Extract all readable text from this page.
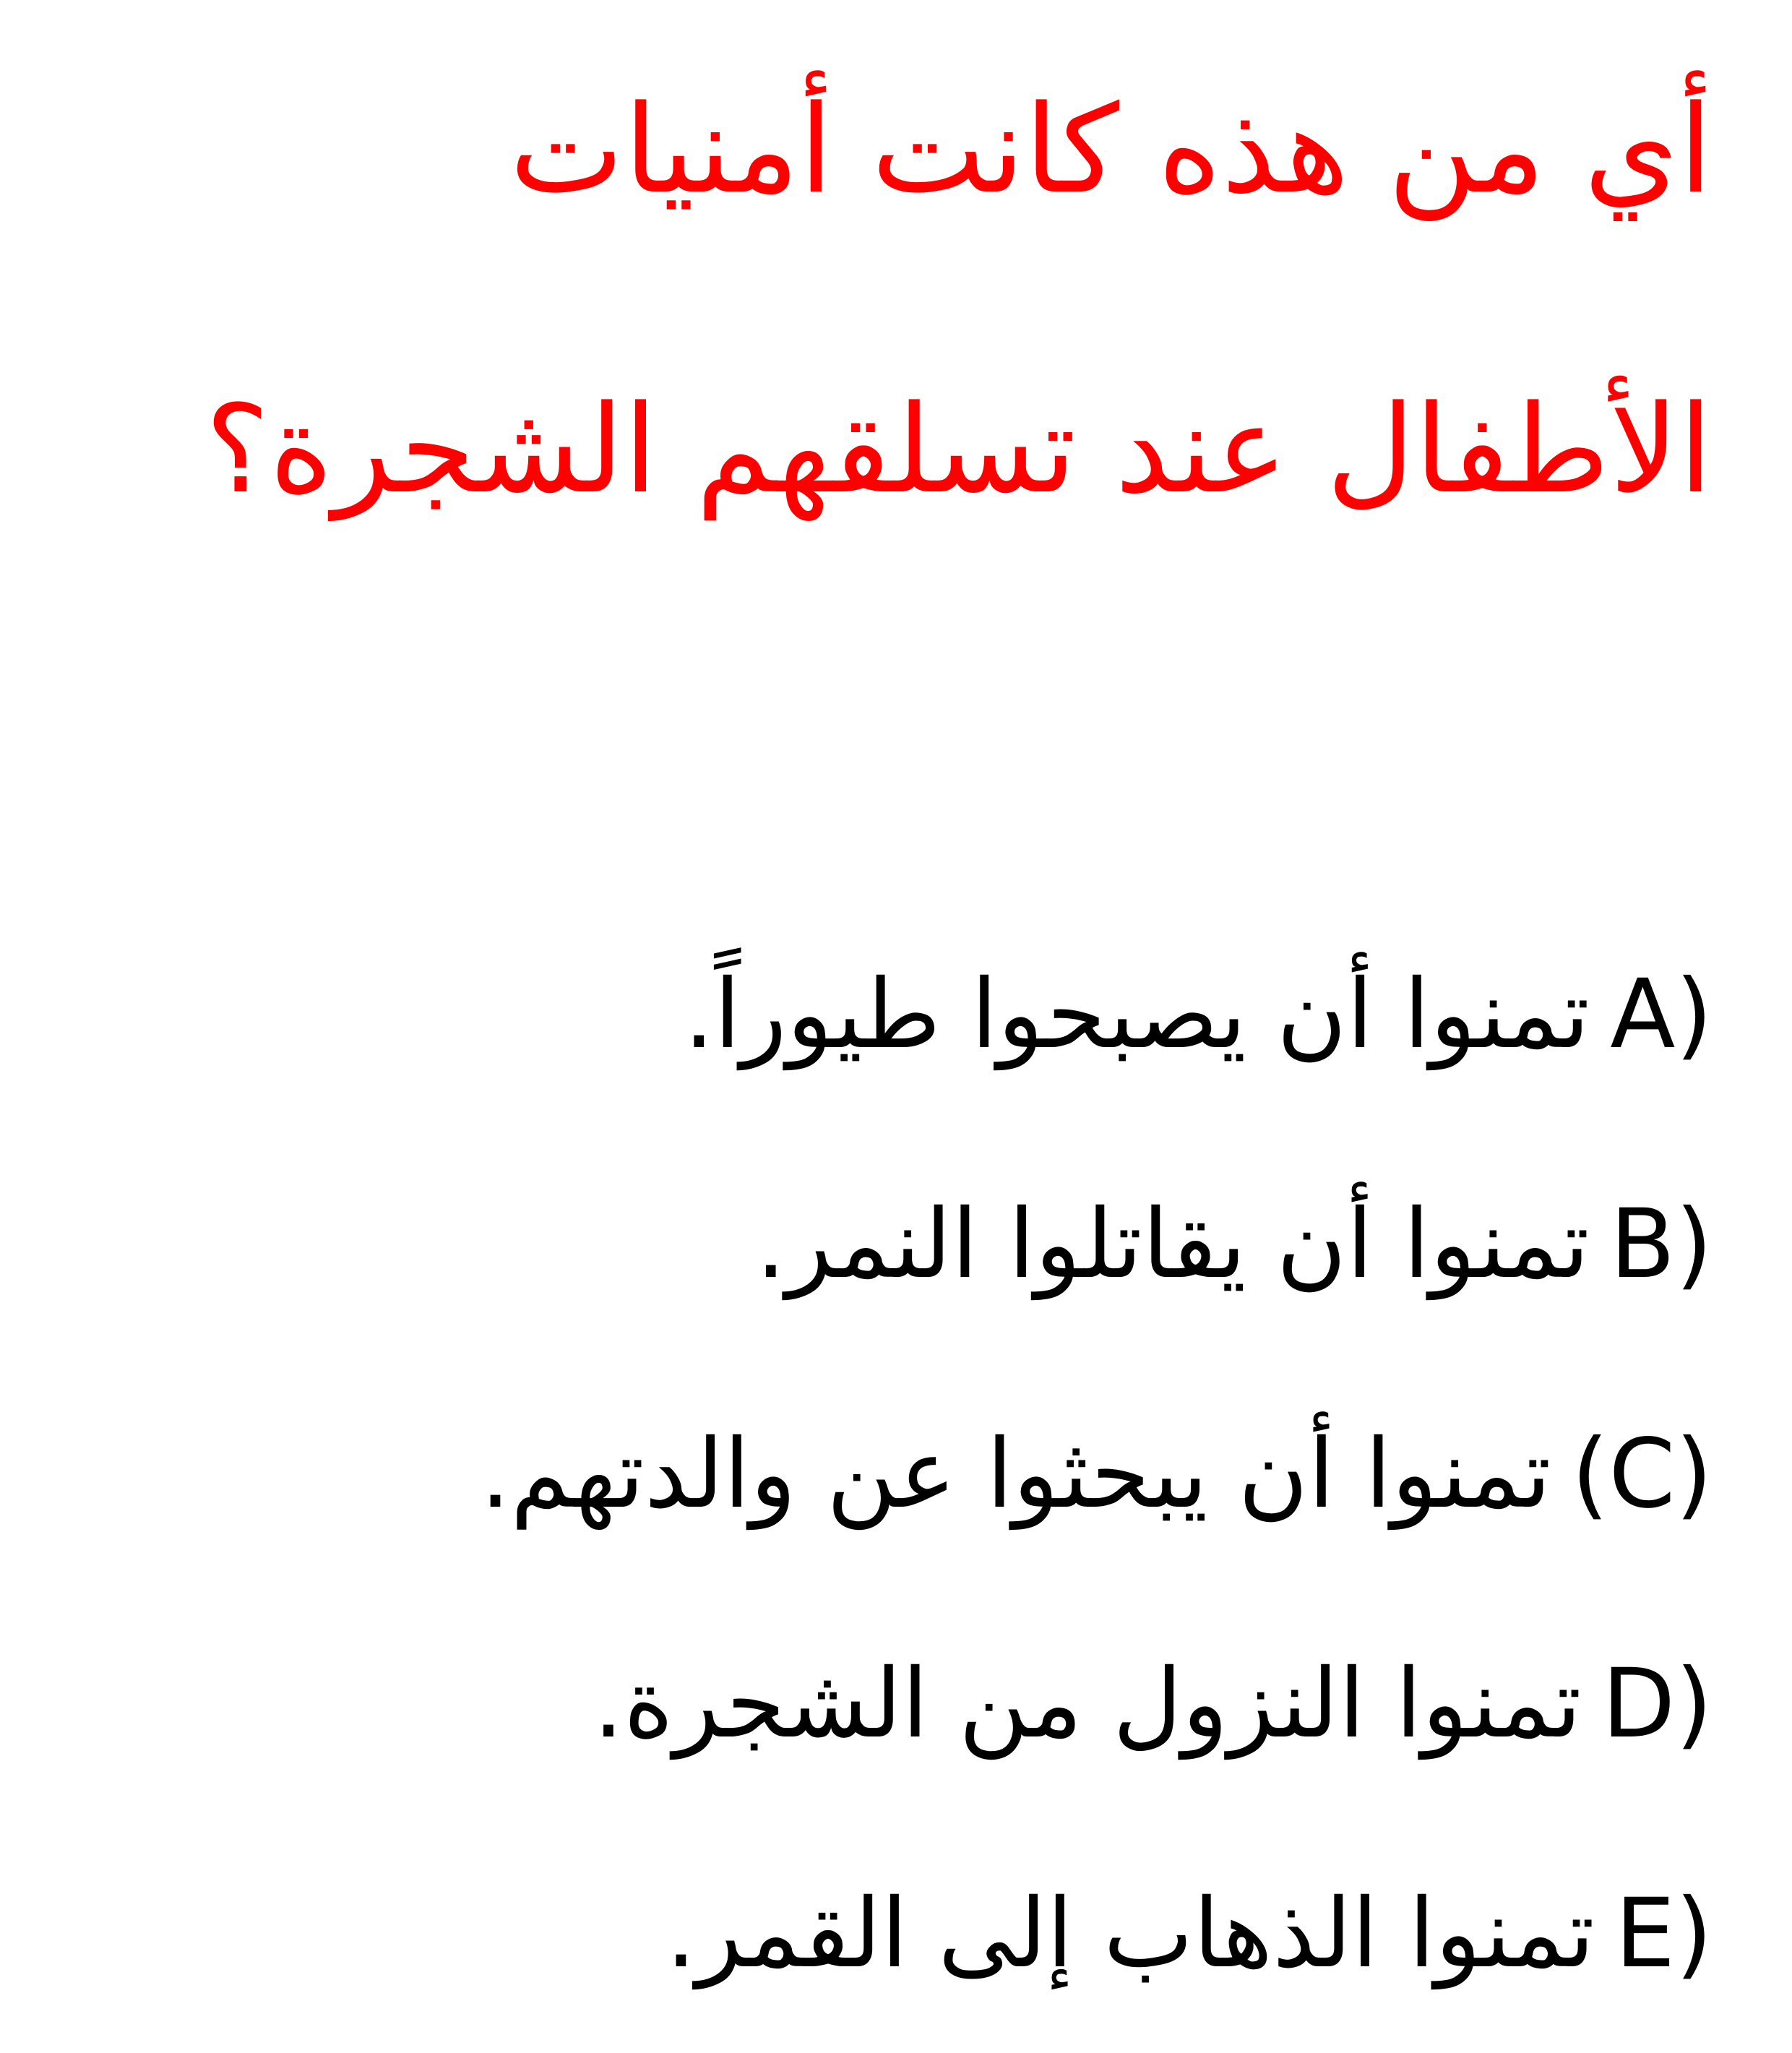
أي من هذه كانت أمنيات الأطفال عند تسلقهم الشجرة؟
A)تمنوا أن يصبحوا طيوراً.
B)تمنوا أن يقاتلوا النمر.
(C)تمنوا أن يبحثوا عن والدتهم.
D)تمنوا النزول من الشجرة.
E)تمنوا الذهاب إلى القمر.
